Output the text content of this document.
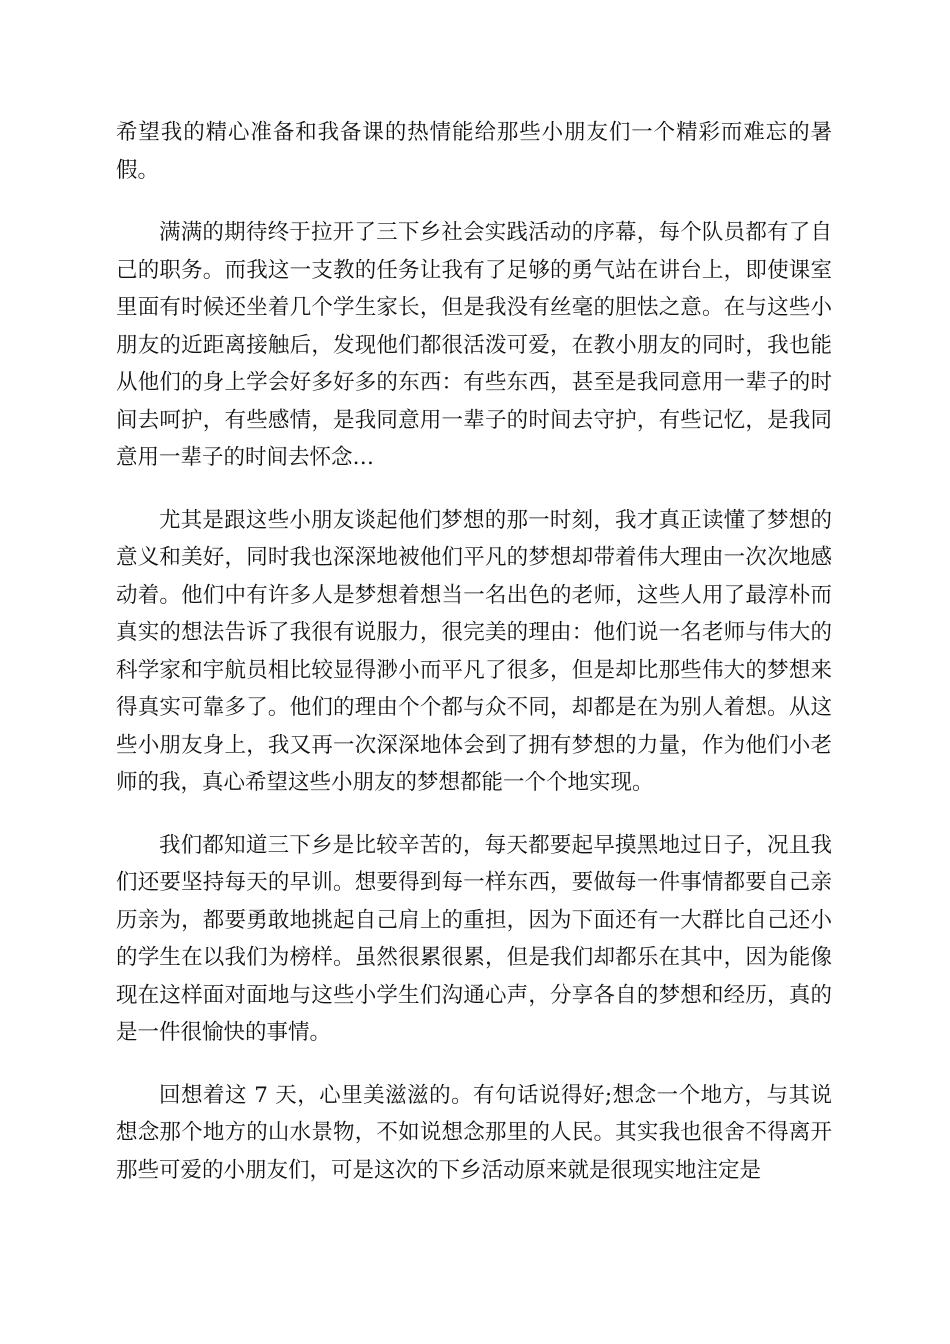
希望我的精心准备和我备课的热情能给那些小朋友们一个精彩而难忘的暑假。

满满的期待终于拉开了三下乡社会实践活动的序幕，每个队员都有了自己的职务。而我这一支教的任务让我有了足够的勇气站在讲台上，即使课室里面有时候还坐着几个学生家长，但是我没有丝毫的胆怯之意。在与这些小朋友的近距离接触后，发现他们都很活泼可爱，在教小朋友的同时，我也能从他们的身上学会好多好多的东西：有些东西，甚至是我同意用一辈子的时间去呵护，有些感情，是我同意用一辈子的时间去守护，有些记忆，是我同意用一辈子的时间去怀念…

尤其是跟这些小朋友谈起他们梦想的那一时刻，我才真正读懂了梦想的意义和美好，同时我也深深地被他们平凡的梦想却带着伟大理由一次次地感动着。他们中有许多人是梦想着想当一名出色的老师，这些人用了最淳朴而真实的想法告诉了我很有说服力，很完美的理由：他们说一名老师与伟大的科学家和宇航员相比较显得渺小而平凡了很多，但是却比那些伟大的梦想来得真实可靠多了。他们的理由个个都与众不同，却都是在为别人着想。从这些小朋友身上，我又再一次深深地体会到了拥有梦想的力量，作为他们小老师的我，真心希望这些小朋友的梦想都能一个个地实现。

我们都知道三下乡是比较辛苦的，每天都要起早摸黑地过日子，况且我们还要坚持每天的早训。想要得到每一样东西，要做每一件事情都要自己亲历亲为，都要勇敢地挑起自己肩上的重担，因为下面还有一大群比自己还小的学生在以我们为榜样。虽然很累很累，但是我们却都乐在其中，因为能像现在这样面对面地与这些小学生们沟通心声，分享各自的梦想和经历，真的是一件很愉快的事情。

回想着这 7 天，心里美滋滋的。有句话说得好;想念一个地方，与其说想念那个地方的山水景物，不如说想念那里的人民。其实我也很舍不得离开那些可爱的小朋友们，可是这次的下乡活动原来就是很现实地注定是
